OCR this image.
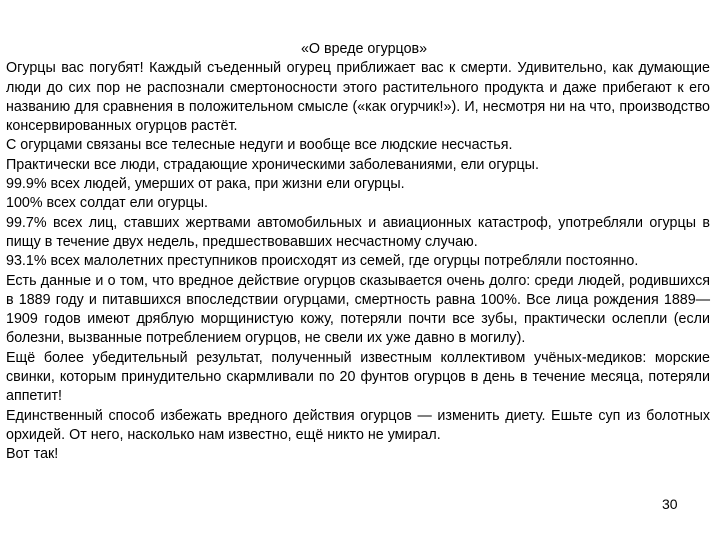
«О вреде огурцов»

Огурцы вас погубят! Каждый съеденный огурец приближает вас к смерти. Удивительно, как думающие люди до сих пор не распознали смертоносности этого растительного продукта и даже прибегают к его названию для сравнения в положительном смысле («как огурчик!»). И, несмотря ни на что, производство консервированных огурцов растёт.

С огурцами связаны все телесные недуги и вообще все людские несчастья.

Практически все люди, страдающие хроническими заболеваниями, ели огурцы.

99.9% всех людей, умерших от рака, при жизни ели огурцы.

100% всех солдат ели огурцы.

99.7% всех лиц, ставших жертвами автомобильных и авиационных катастроф, употребляли огурцы в пищу в течение двух недель, предшествовавших несчастному случаю.

93.1% всех малолетних преступников происходят из семей, где огурцы потребляли постоянно.

Есть данные и о том, что вредное действие огурцов сказывается очень долго: среди людей, родившихся в 1889 году и питавшихся впоследствии огурцами, смертность равна 100%. Все лица рождения 1889—1909 годов имеют дряблую морщинистую кожу, потеряли почти все зубы, практически ослепли (если болезни, вызванные потреблением огурцов, не свели их уже давно в могилу).

Ещё более убедительный результат, полученный известным коллективом учёных-медиков: морские свинки, которым принудительно скармливали по 20 фунтов огурцов в день в течение месяца, потеряли аппетит!

Единственный способ избежать вредного действия огурцов — изменить диету. Ешьте суп из болотных орхидей. От него, насколько нам известно, ещё никто не умирал.

Вот так!

30
